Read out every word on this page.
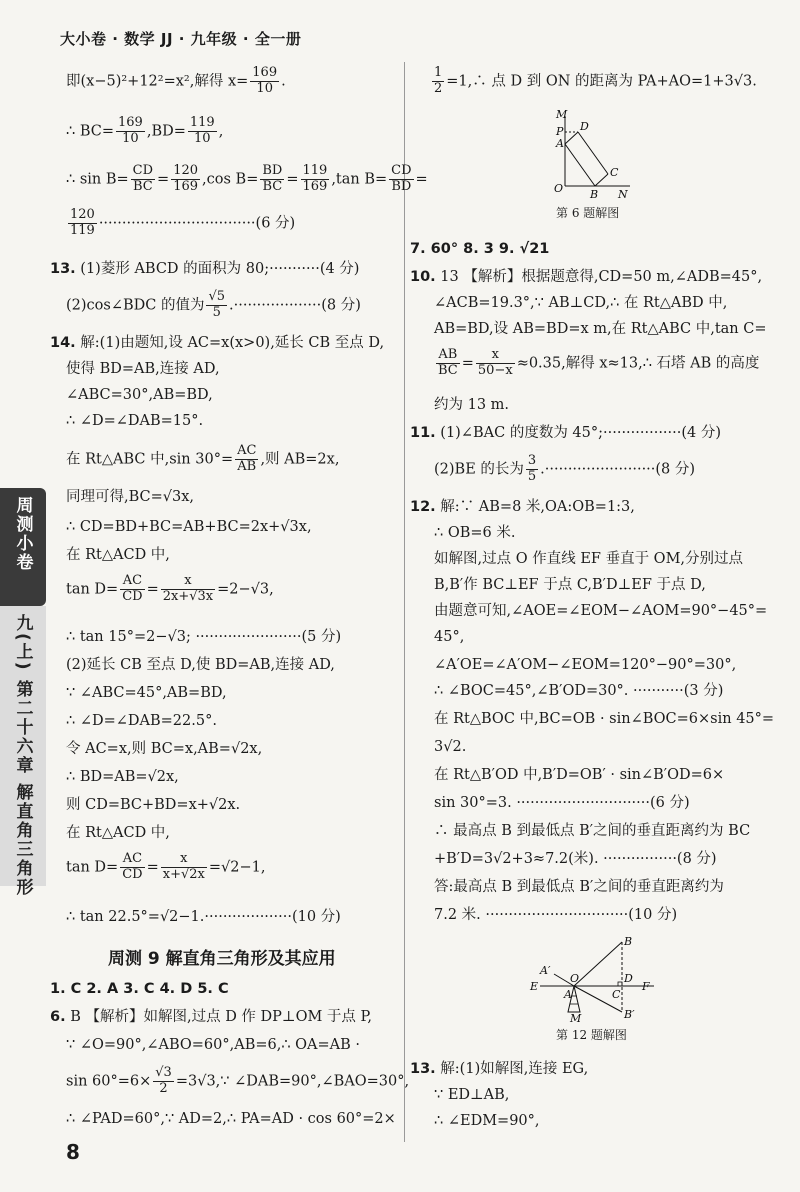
大小卷 · 数学 JJ · 九年级 · 全一册
周测小卷
九(上)
第二十六章
解直角三角形
即(x−5)²+12²=x²,解得 $x= \frac{169}{10}$ .
∴ $BC= \frac{169}{10} ,BD= \frac{119}{10}$ ,
∴ $\sin B= \frac{CD}{BC} = \frac{120}{169} ,\cos$ $B= \frac{BD}{BC} = \frac{119}{169} ,\tan$ $B= \frac{CD}{BD}$ =
$\frac{120}{119} \cdot\cdot\cdot\cdot\cdot\cdot\cdot\cdot\cdot\cdot\cdot\cdot\cdot\cdot\cdot\cdot\cdot\cdot\cdot\cdot\cdot\cdot\cdot\cdot\cdot\cdot\cdot\cdot\cdot\cdot\cdot\cdot\cdot\cdot(6$ 分)
13. (1)菱形 ABCD 的面积为 80;···········(4 分)
(2)cos∠BDC 的值为 $\frac{√5}{5} .\cdot\cdot\cdot\cdot\cdot\cdot\cdot\cdot\cdot\cdot\cdot\cdot\cdot\cdot\cdot\cdot\cdot\cdot\cdot(8$ 分)
14. 解:(1)由题知,设 AC=x(x>0),延长 CB 至点 D,
使得 BD=AB,连接 AD,
∠ABC=30°,AB=BD,
∴ ∠D=∠DAB=15°.
在 Rt△ABC 中,sin $30^\circ= \frac{AC}{AB}$ ,则 AB=2x,
同理可得,BC=√3x,
∴ CD=BD+BC=AB+BC=2x+√3x,
在 Rt△ACD 中,
$\tan D= \frac{AC}{CD} = \frac{x}{2x+√3x} =2-√3$,
∴ tan 15°=2−√3; ·······················(5 分)
(2)延长 CB 至点 D,使 BD=AB,连接 AD,
∵ ∠ABC=45°,AB=BD,
∴ ∠D=∠DAB=22.5°.
令 AC=x,则 BC=x,AB=√2x,
∴ BD=AB=√2x,
则 CD=BC+BD=x+√2x.
在 Rt△ACD 中,
$\tan D= \frac{AC}{CD} = \frac{x}{x+√2x} =√2-1$,
∴ tan 22.5°=√2−1.···················(10 分)
1. C 2. A 3. C 4. D 5. C
6. B 【解析】如解图,过点 D 作 DP⊥OM 于点 P,
∵ ∠O=90°,∠ABO=60°,AB=6,∴ OA=AB ·
$\sin 60^\circ=6\times \frac{√3}{2}$ =3√3,∵ ∠DAB=90°,∠BAO=30°,
∴ ∠PAD=60°,∵ AD=2,∴ PA=AD · cos 60°=2×
周测 9 解直角三角形及其应用
$\frac{1}{2}$ =1,∴ 点 D 到 ON 的距离为 PA+AO=1+3√3.
7. 60° 8. 3 9. √21
10. 13 【解析】根据题意得,CD=50 m,∠ADB=45°,
∠ACB=19.3°,∵ AB⊥CD,∴ 在 Rt△ABD 中,
AB=BD,设 AB=BD=x m,在 Rt△ABC 中,tan C=
$\frac{AB}{BC} = \frac{x}{50-x} \approx 0.35$,解得 x≈13,∴ 石塔 AB 的高度
约为 13 m.
11. (1)∠BAC 的度数为 45°;·················(4 分)
(2)BE 的长为 $\frac{3}{5} .\cdot\cdot\cdot\cdot\cdot\cdot\cdot\cdot\cdot\cdot\cdot\cdot\cdot\cdot\cdot\cdot\cdot\cdot\cdot\cdot\cdot\cdot\cdot\cdot(8$ 分)
12. 解:∵ AB=8 米,OA:OB=1:3,
∴ OB=6 米.
如解图,过点 O 作直线 EF 垂直于 OM,分别过点
B,B′作 BC⊥EF 于点 C,B′D⊥EF 于点 D,
由题意可知,∠AOE=∠EOM−∠AOM=90°−45°=
45°,
∠A′OE=∠A′OM−∠EOM=120°−90°=30°,
∴ ∠BOC=45°,∠B′OD=30°. ···········(3 分)
在 Rt△BOC 中,BC=OB · sin∠BOC=6×sin 45°=
3√2.
在 Rt△B′OD 中,B′D=OB′ · sin∠B′OD=6×
sin 30°=3. ·····························(6 分)
∴ 最高点 B 到最低点 B′之间的垂直距离约为 BC
+B′D=3√2+3≈7.2(米). ················(8 分)
答:最高点 B 到最低点 B′之间的垂直距离约为
7.2 米. ·······························(10 分)
13. 解:(1)如解图,连接 EG,
∵ ED⊥AB,
∴ ∠EDM=90°,
M
P D
A
O B
C
N
第 6 题解图
B
A′
O	D
E
C
F
A
M	B′
第 12 题解图
8
